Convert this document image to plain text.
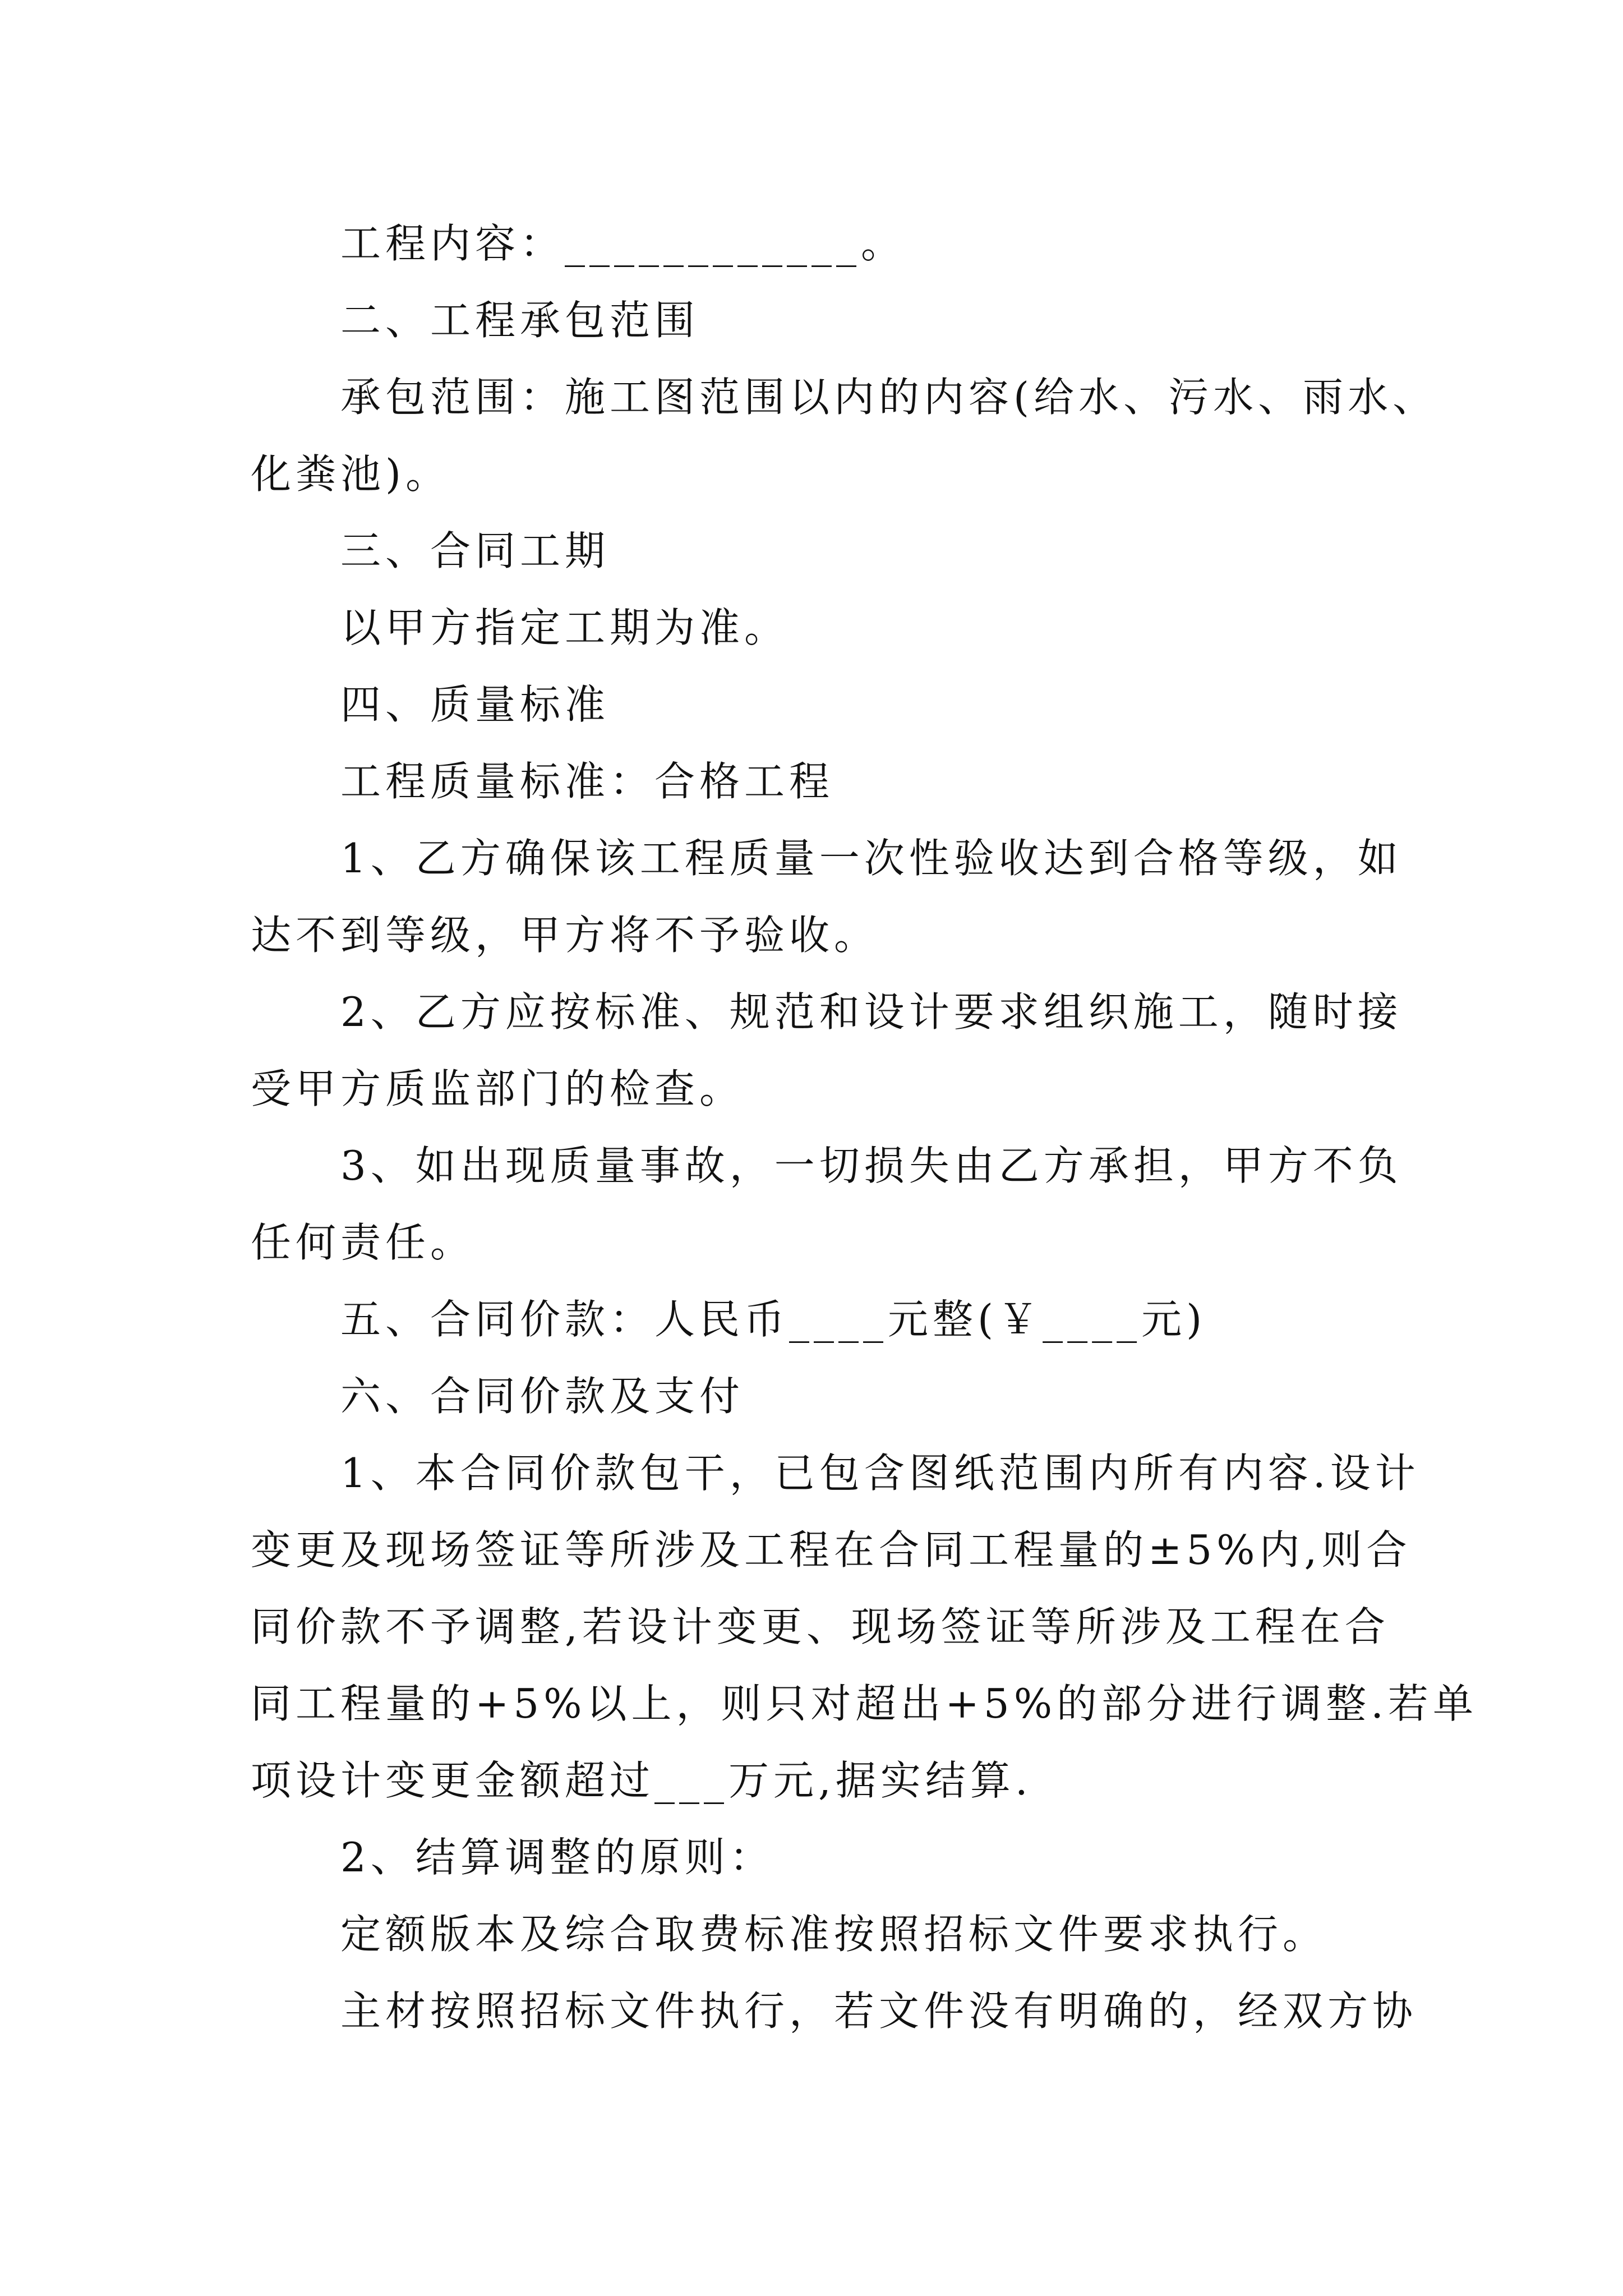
工程内容：____________。
二、工程承包范围
承包范围：施工图范围以内的内容(给水、污水、雨水、
化粪池)。
三、合同工期
以甲方指定工期为准。
四、质量标准
工程质量标准：合格工程
1、乙方确保该工程质量一次性验收达到合格等级，如
达不到等级，甲方将不予验收。
2、乙方应按标准、规范和设计要求组织施工，随时接
受甲方质监部门的检查。
3、如出现质量事故，一切损失由乙方承担，甲方不负
任何责任。
五、合同价款：人民币____元整(￥____元)
六、合同价款及支付
1、本合同价款包干，已包含图纸范围内所有内容.设计
变更及现场签证等所涉及工程在合同工程量的±5%内,则合
同价款不予调整,若设计变更、现场签证等所涉及工程在合
同工程量的+5%以上，则只对超出+5%的部分进行调整.若单
项设计变更金额超过___万元,据实结算.
2、结算调整的原则：
定额版本及综合取费标准按照招标文件要求执行。
主材按照招标文件执行，若文件没有明确的，经双方协
